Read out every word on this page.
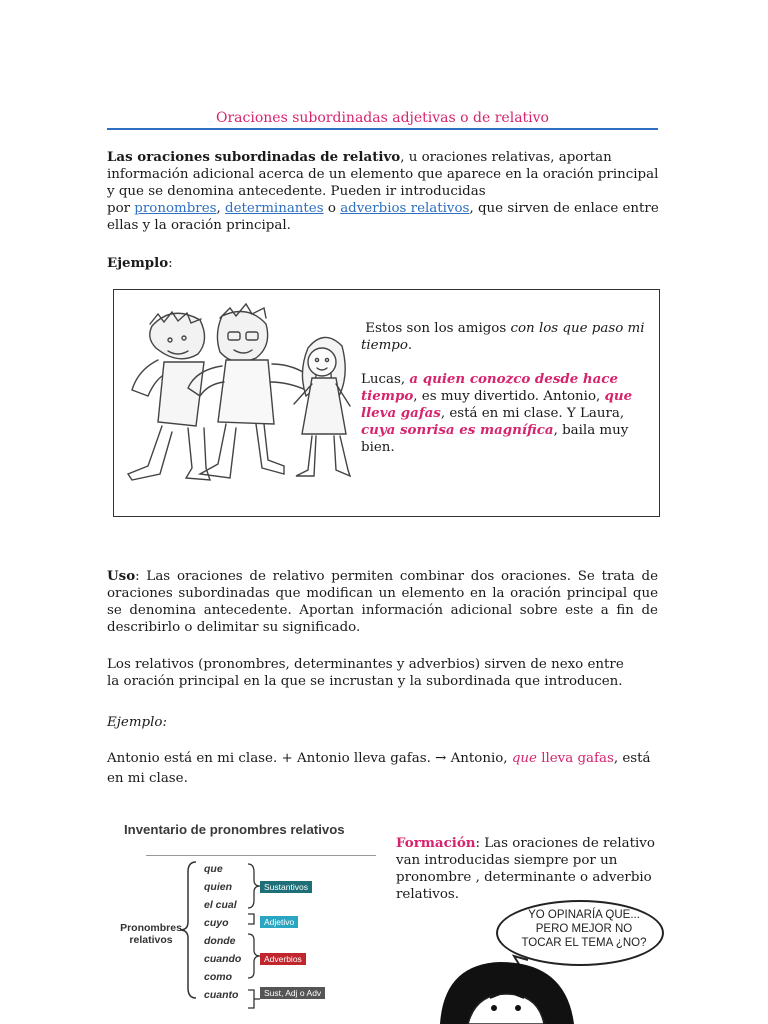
Oraciones subordinadas adjetivas o de relativo
Las oraciones subordinadas de relativo, u oraciones relativas, aportan información adicional acerca de un elemento que aparece en la oración principal y que se denomina antecedente. Pueden ir introducidas
por pronombres, determinantes o adverbios relativos, que sirven de enlace entre ellas y la oración principal.
Ejemplo:
Estos son los amigos con los que paso mi tiempo.
Lucas, a quien conozco desde hace tiempo, es muy divertido. Antonio, que lleva gafas, está en mi clase. Y Laura, cuya sonrisa es magnífica, baila muy bien.
Uso: Las oraciones de relativo permiten combinar dos oraciones. Se trata de oraciones subordinadas que modifican un elemento en la oración principal que se denomina antecedente. Aportan información adicional sobre este a fin de describirlo o delimitar su significado.
Los relativos (pronombres, determinantes y adverbios) sirven de nexo entre
la oración principal en la que se incrustan y la subordinada que introducen.
Ejemplo:
Antonio está en mi clase. + Antonio lleva gafas. → Antonio, que lleva gafas, está en mi clase.
Inventario de pronombres relativos
Pronombres
relativos
que
quien
el cual
cuyo
donde
cuando
como
cuanto
Sustantivos
Adjetivo
Adverbios
Sust, Adj o Adv
Formación: Las oraciones de relativo van introducidas siempre por un pronombre , determinante o adverbio relativos.
YO OPINARÍA QUE...
PERO MEJOR NO
TOCAR EL TEMA ¿NO?
